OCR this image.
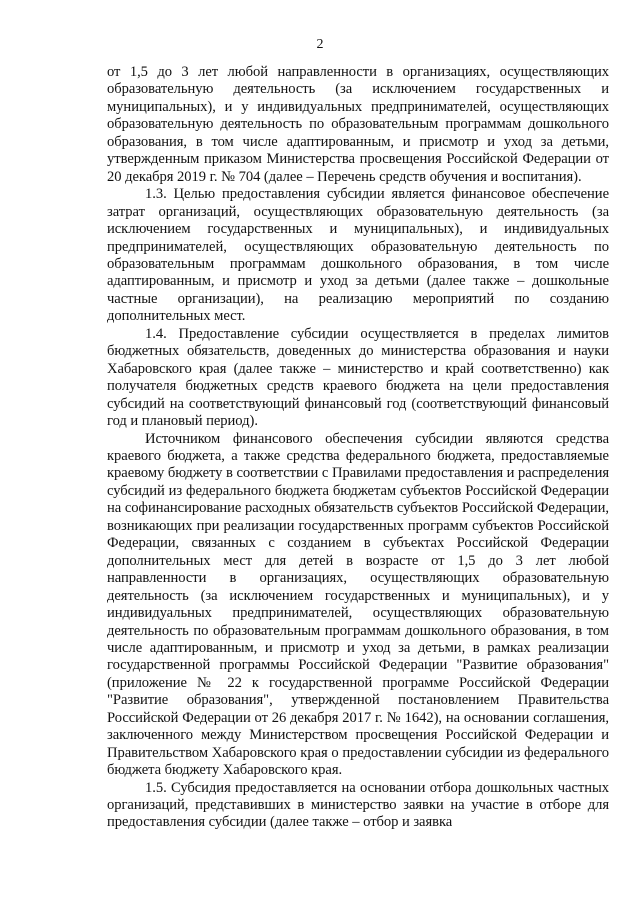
2

от 1,5 до 3 лет любой направленности в организациях, осуществляющих образовательную деятельность (за исключением государственных и муниципальных), и у индивидуальных предпринимателей, осуществляющих образовательную деятельность по образовательным программам дошкольного образования, в том числе адаптированным, и присмотр и уход за детьми, утвержденным приказом Министерства просвещения Российской Федерации от 20 декабря 2019 г. № 704 (далее – Перечень средств обучения и воспитания).

1.3. Целью предоставления субсидии является финансовое обеспечение затрат организаций, осуществляющих образовательную деятельность (за исключением государственных и муниципальных), и индивидуальных предпринимателей, осуществляющих образовательную деятельность по образовательным программам дошкольного образования, в том числе адаптированным, и присмотр и уход за детьми (далее также – дошкольные частные организации), на реализацию мероприятий по созданию дополнительных мест.

1.4. Предоставление субсидии осуществляется в пределах лимитов бюджетных обязательств, доведенных до министерства образования и науки Хабаровского края (далее также – министерство и край соответственно) как получателя бюджетных средств краевого бюджета на цели предоставления субсидий на соответствующий финансовый год (соответствующий финансовый год и плановый период).

Источником финансового обеспечения субсидии являются средства краевого бюджета, а также средства федерального бюджета, предоставляемые краевому бюджету в соответствии с Правилами предоставления и распределения субсидий из федерального бюджета бюджетам субъектов Российской Федерации на софинансирование расходных обязательств субъектов Российской Федерации, возникающих при реализации государственных программ субъектов Российской Федерации, связанных с созданием в субъектах Российской Федерации дополнительных мест для детей в возрасте от 1,5 до 3 лет любой направленности в организациях, осуществляющих образовательную деятельность (за исключением государственных и муниципальных), и у индивидуальных предпринимателей, осуществляющих образовательную деятельность по образовательным программам дошкольного образования, в том числе адаптированным, и присмотр и уход за детьми, в рамках реализации государственной программы Российской Федерации "Развитие образования" (приложение № 22 к государственной программе Российской Федерации "Развитие образования", утвержденной постановлением Правительства Российской Федерации от 26 декабря 2017 г. № 1642), на основании соглашения, заключенного между Министерством просвещения Российской Федерации и Правительством Хабаровского края о предоставлении субсидии из федерального бюджета бюджету Хабаровского края.

1.5. Субсидия предоставляется на основании отбора дошкольных частных организаций, представивших в министерство заявки на участие в отборе для предоставления субсидии (далее также – отбор и заявка
